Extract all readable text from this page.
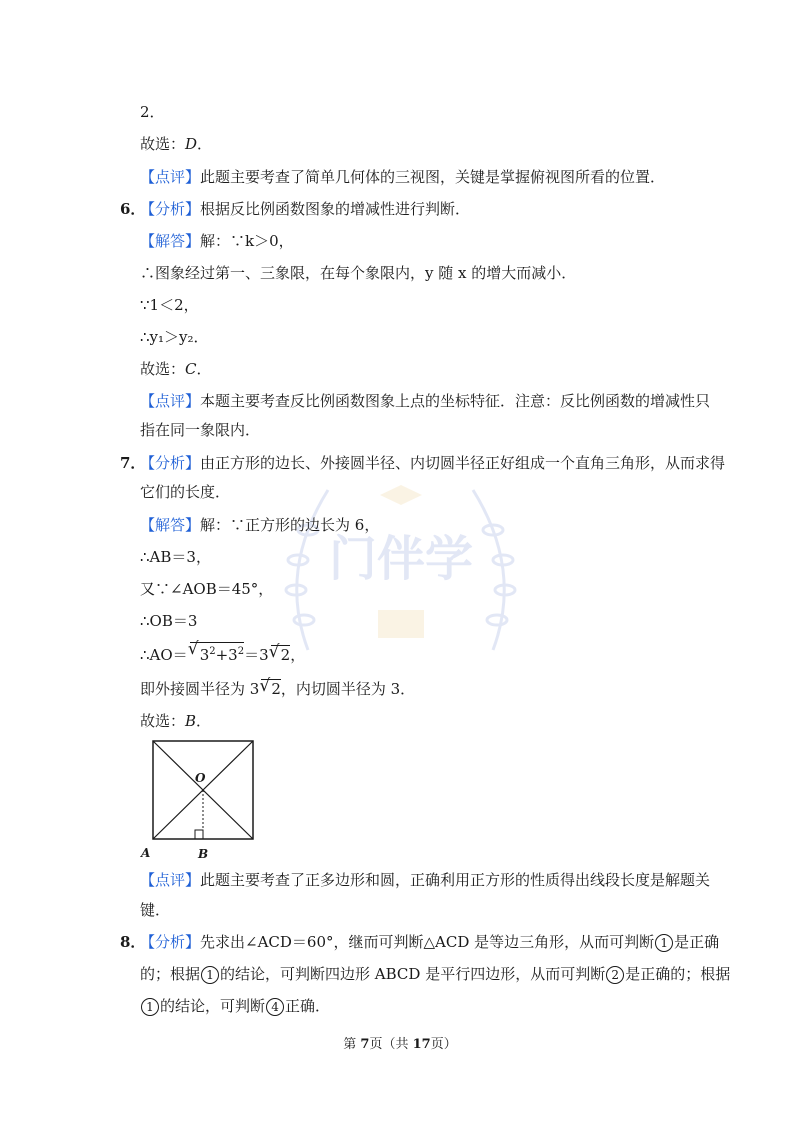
门伴学
2．
故选：D．
【点评】此题主要考查了简单几何体的三视图，关键是掌握俯视图所看的位置．
6．
【分析】根据反比例函数图象的增减性进行判断．
【解答】解：∵k＞0，
∴图象经过第一、三象限，在每个象限内，y 随 x 的增大而减小．
∵1＜2，
∴y₁＞y₂．
故选：C．
【点评】本题主要考查反比例函数图象上点的坐标特征．注意：反比例函数的增减性只
指在同一象限内．
7．
【分析】由正方形的边长、外接圆半径、内切圆半径正好组成一个直角三角形，从而求得
它们的长度．
【解答】解：∵正方形的边长为 6，
∴AB＝3，
又∵∠AOB＝45°，
∴OB＝3
∴AO＝√ $3^2+3^2=3√$ 2，
即外接圆半径为 3√ 2，内切圆半径为 3．
故选：B．
O
A	B
【点评】此题主要考查了正多边形和圆，正确利用正方形的性质得出线段长度是解题关
键．
8．
【分析】先求出∠ACD＝60°，继而可判断△ACD 是等边三角形，从而可判断 1 是正确
的；根据 1 的结论，可判断四边形 ABCD 是平行四边形，从而可判断 2 是正确的；根据
1 的结论，可判断 4 正确．
第 7页（共 17页）
